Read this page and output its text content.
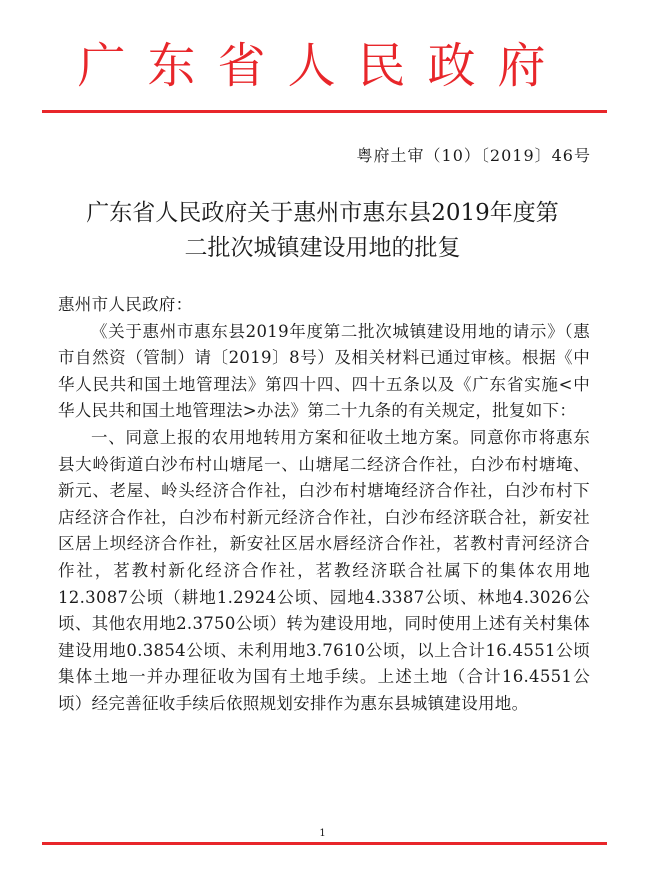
广东省人民政府
粤府土审（10）〔2019〕46号
广东省人民政府关于惠州市惠东县2019年度第
二批次城镇建设用地的批复
惠州市人民政府：
《关于惠州市惠东县2019年度第二批次城镇建设用地的请示》（惠市自然资（管制）请〔2019〕8号）及相关材料已通过审核。根据《中华人民共和国土地管理法》第四十四、四十五条以及《广东省实施<中华人民共和国土地管理法>办法》第二十九条的有关规定，批复如下：
一、同意上报的农用地转用方案和征收土地方案。同意你市将惠东县大岭街道白沙布村山塘尾一、山塘尾二经济合作社，白沙布村塘埯、新元、老屋、岭头经济合作社，白沙布村塘埯经济合作社，白沙布村下店经济合作社，白沙布村新元经济合作社，白沙布经济联合社，新安社区居上坝经济合作社，新安社区居水唇经济合作社，茗教村青河经济合作社，茗教村新化经济合作社，茗教经济联合社属下的集体农用地12.3087公顷（耕地1.2924公顷、园地4.3387公顷、林地4.3026公顷、其他农用地2.3750公顷）转为建设用地，同时使用上述有关村集体建设用地0.3854公顷、未利用地3.7610公顷，以上合计16.4551公顷集体土地一并办理征收为国有土地手续。上述土地（合计16.4551公顷）经完善征收手续后依照规划安排作为惠东县城镇建设用地。
1
